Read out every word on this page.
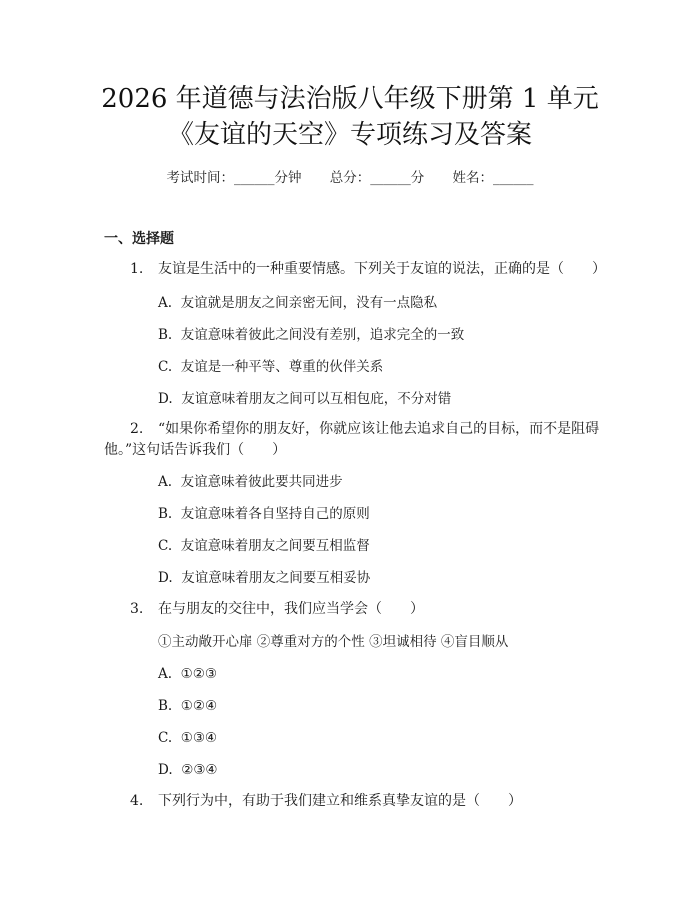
2026 年道德与法治版八年级下册第 1 单元
《友谊的天空》专项练习及答案
考试时间：______分钟 总分：______分 姓名：______
一、选择题
1. 友谊是生活中的一种重要情感。下列关于友谊的说法，正确的是（　　）
A.  友谊就是朋友之间亲密无间，没有一点隐私
B.  友谊意味着彼此之间没有差别，追求完全的一致
C.  友谊是一种平等、尊重的伙伴关系
D.  友谊意味着朋友之间可以互相包庇，不分对错
2. “如果你希望你的朋友好，你就应该让他去追求自己的目标，而不是阻碍
他。”这句话告诉我们（　　）
A.  友谊意味着彼此要共同进步
B.  友谊意味着各自坚持自己的原则
C.  友谊意味着朋友之间要互相监督
D.  友谊意味着朋友之间要互相妥协
3. 在与朋友的交往中，我们应当学会（　　）
①主动敞开心扉 ②尊重对方的个性 ③坦诚相待 ④盲目顺从
A.  ①②③
B.  ①②④
C.  ①③④
D.  ②③④
4. 下列行为中，有助于我们建立和维系真挚友谊的是（　　）
